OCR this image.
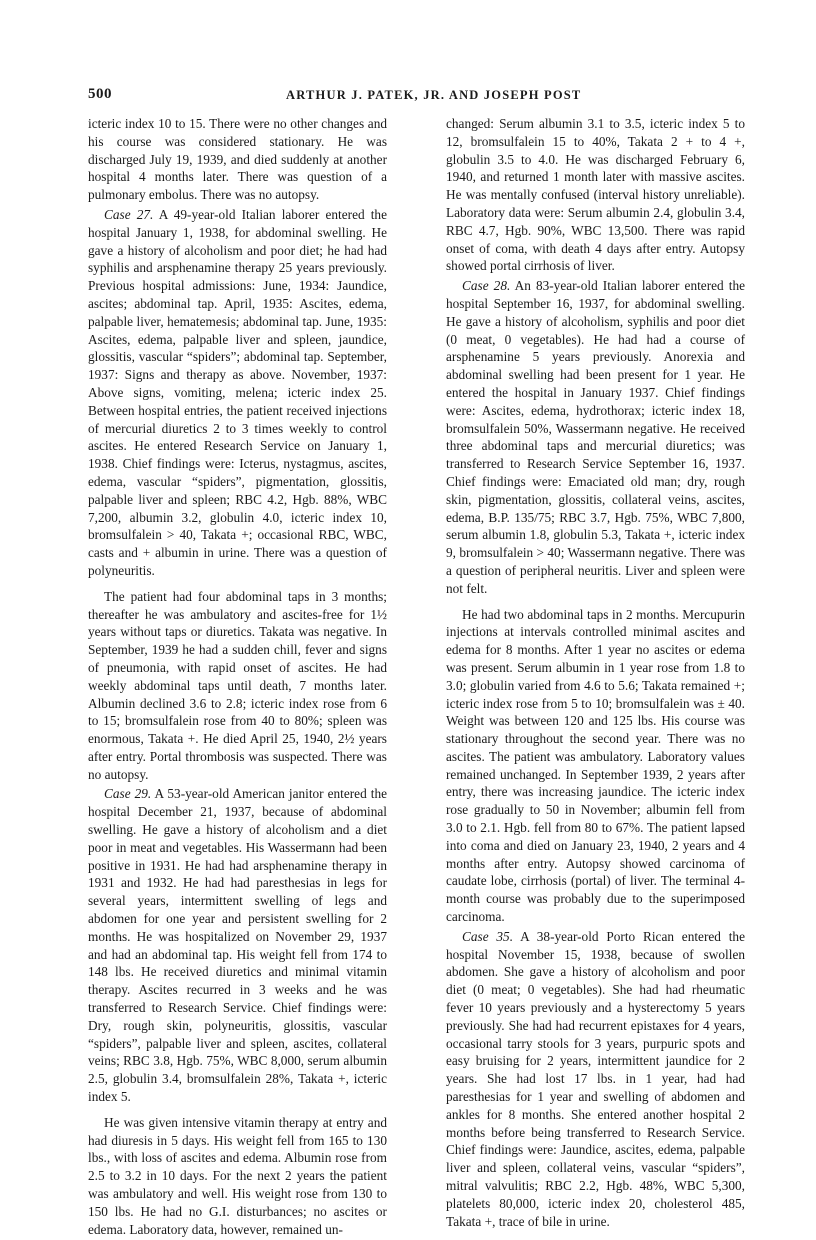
500	ARTHUR J. PATEK, JR. AND JOSEPH POST

icteric index 10 to 15. There were no other changes and his course was considered stationary. He was discharged July 19, 1939, and died suddenly at another hospital 4 months later. There was question of a pulmonary embolus. There was no autopsy.

Case 27. A 49-year-old Italian laborer entered the hospital January 1, 1938, for abdominal swelling. He gave a history of alcoholism and poor diet; he had had syphilis and arsphenamine therapy 25 years previously. Previous hospital admissions: June, 1934: Jaundice, ascites; abdominal tap. April, 1935: Ascites, edema, palpable liver, hematemesis; abdominal tap. June, 1935: Ascites, edema, palpable liver and spleen, jaundice, glossitis, vascular “spiders”; abdominal tap. September, 1937: Signs and therapy as above. November, 1937: Above signs, vomiting, melena; icteric index 25. Between hospital entries, the patient received injections of mercurial diuretics 2 to 3 times weekly to control ascites. He entered Research Service on January 1, 1938. Chief findings were: Icterus, nystagmus, ascites, edema, vascular “spiders”, pigmentation, glossitis, palpable liver and spleen; RBC 4.2, Hgb. 88%, WBC 7,200, albumin 3.2, globulin 4.0, icteric index 10, bromsulfalein > 40, Takata +; occasional RBC, WBC, casts and + albumin in urine. There was a question of polyneuritis.

The patient had four abdominal taps in 3 months; thereafter he was ambulatory and ascites-free for 1½ years without taps or diuretics. Takata was negative. In September, 1939 he had a sudden chill, fever and signs of pneumonia, with rapid onset of ascites. He had weekly abdominal taps until death, 7 months later. Albumin declined 3.6 to 2.8; icteric index rose from 6 to 15; bromsulfalein rose from 40 to 80%; spleen was enormous, Takata +. He died April 25, 1940, 2½ years after entry. Portal thrombosis was suspected. There was no autopsy.

Case 29. A 53-year-old American janitor entered the hospital December 21, 1937, because of abdominal swelling. He gave a history of alcoholism and a diet poor in meat and vegetables. His Wassermann had been positive in 1931. He had had arsphenamine therapy in 1931 and 1932. He had had paresthesias in legs for several years, intermittent swelling of legs and abdomen for one year and persistent swelling for 2 months. He was hospitalized on November 29, 1937 and had an abdominal tap. His weight fell from 174 to 148 lbs. He received diuretics and minimal vitamin therapy. Ascites recurred in 3 weeks and he was transferred to Research Service. Chief findings were: Dry, rough skin, polyneuritis, glossitis, vascular “spiders”, palpable liver and spleen, ascites, collateral veins; RBC 3.8, Hgb. 75%, WBC 8,000, serum albumin 2.5, globulin 3.4, bromsulfalein 28%, Takata +, icteric index 5.

He was given intensive vitamin therapy at entry and had diuresis in 5 days. His weight fell from 165 to 130 lbs., with loss of ascites and edema. Albumin rose from 2.5 to 3.2 in 10 days. For the next 2 years the patient was ambulatory and well. His weight rose from 130 to 150 lbs. He had no G.I. disturbances; no ascites or edema. Laboratory data, however, remained un-

changed: Serum albumin 3.1 to 3.5, icteric index 5 to 12, bromsulfalein 15 to 40%, Takata 2 + to 4 +, globulin 3.5 to 4.0. He was discharged February 6, 1940, and returned 1 month later with massive ascites. He was mentally confused (interval history unreliable). Laboratory data were: Serum albumin 2.4, globulin 3.4, RBC 4.7, Hgb. 90%, WBC 13,500. There was rapid onset of coma, with death 4 days after entry. Autopsy showed portal cirrhosis of liver.

Case 28. An 83-year-old Italian laborer entered the hospital September 16, 1937, for abdominal swelling. He gave a history of alcoholism, syphilis and poor diet (0 meat, 0 vegetables). He had had a course of arsphenamine 5 years previously. Anorexia and abdominal swelling had been present for 1 year. He entered the hospital in January 1937. Chief findings were: Ascites, edema, hydrothorax; icteric index 18, bromsulfalein 50%, Wassermann negative. He received three abdominal taps and mercurial diuretics; was transferred to Research Service September 16, 1937. Chief findings were: Emaciated old man; dry, rough skin, pigmentation, glossitis, collateral veins, ascites, edema, B.P. 135/75; RBC 3.7, Hgb. 75%, WBC 7,800, serum albumin 1.8, globulin 5.3, Takata +, icteric index 9, bromsulfalein > 40; Wassermann negative. There was a question of peripheral neuritis. Liver and spleen were not felt.

He had two abdominal taps in 2 months. Mercupurin injections at intervals controlled minimal ascites and edema for 8 months. After 1 year no ascites or edema was present. Serum albumin in 1 year rose from 1.8 to 3.0; globulin varied from 4.6 to 5.6; Takata remained +; icteric index rose from 5 to 10; bromsulfalein was ± 40. Weight was between 120 and 125 lbs. His course was stationary throughout the second year. There was no ascites. The patient was ambulatory. Laboratory values remained unchanged. In September 1939, 2 years after entry, there was increasing jaundice. The icteric index rose gradually to 50 in November; albumin fell from 3.0 to 2.1. Hgb. fell from 80 to 67%. The patient lapsed into coma and died on January 23, 1940, 2 years and 4 months after entry. Autopsy showed carcinoma of caudate lobe, cirrhosis (portal) of liver. The terminal 4-month course was probably due to the superimposed carcinoma.

Case 35. A 38-year-old Porto Rican entered the hospital November 15, 1938, because of swollen abdomen. She gave a history of alcoholism and poor diet (0 meat; 0 vegetables). She had had rheumatic fever 10 years previously and a hysterectomy 5 years previously. She had had recurrent epistaxes for 4 years, occasional tarry stools for 3 years, purpuric spots and easy bruising for 2 years, intermittent jaundice for 2 years. She had lost 17 lbs. in 1 year, had had paresthesias for 1 year and swelling of abdomen and ankles for 8 months. She entered another hospital 2 months before being transferred to Research Service. Chief findings were: Jaundice, ascites, edema, palpable liver and spleen, collateral veins, vascular “spiders”, mitral valvulitis; RBC 2.2, Hgb. 48%, WBC 5,300, platelets 80,000, icteric index 20, cholesterol 485, Takata +, trace of bile in urine.
